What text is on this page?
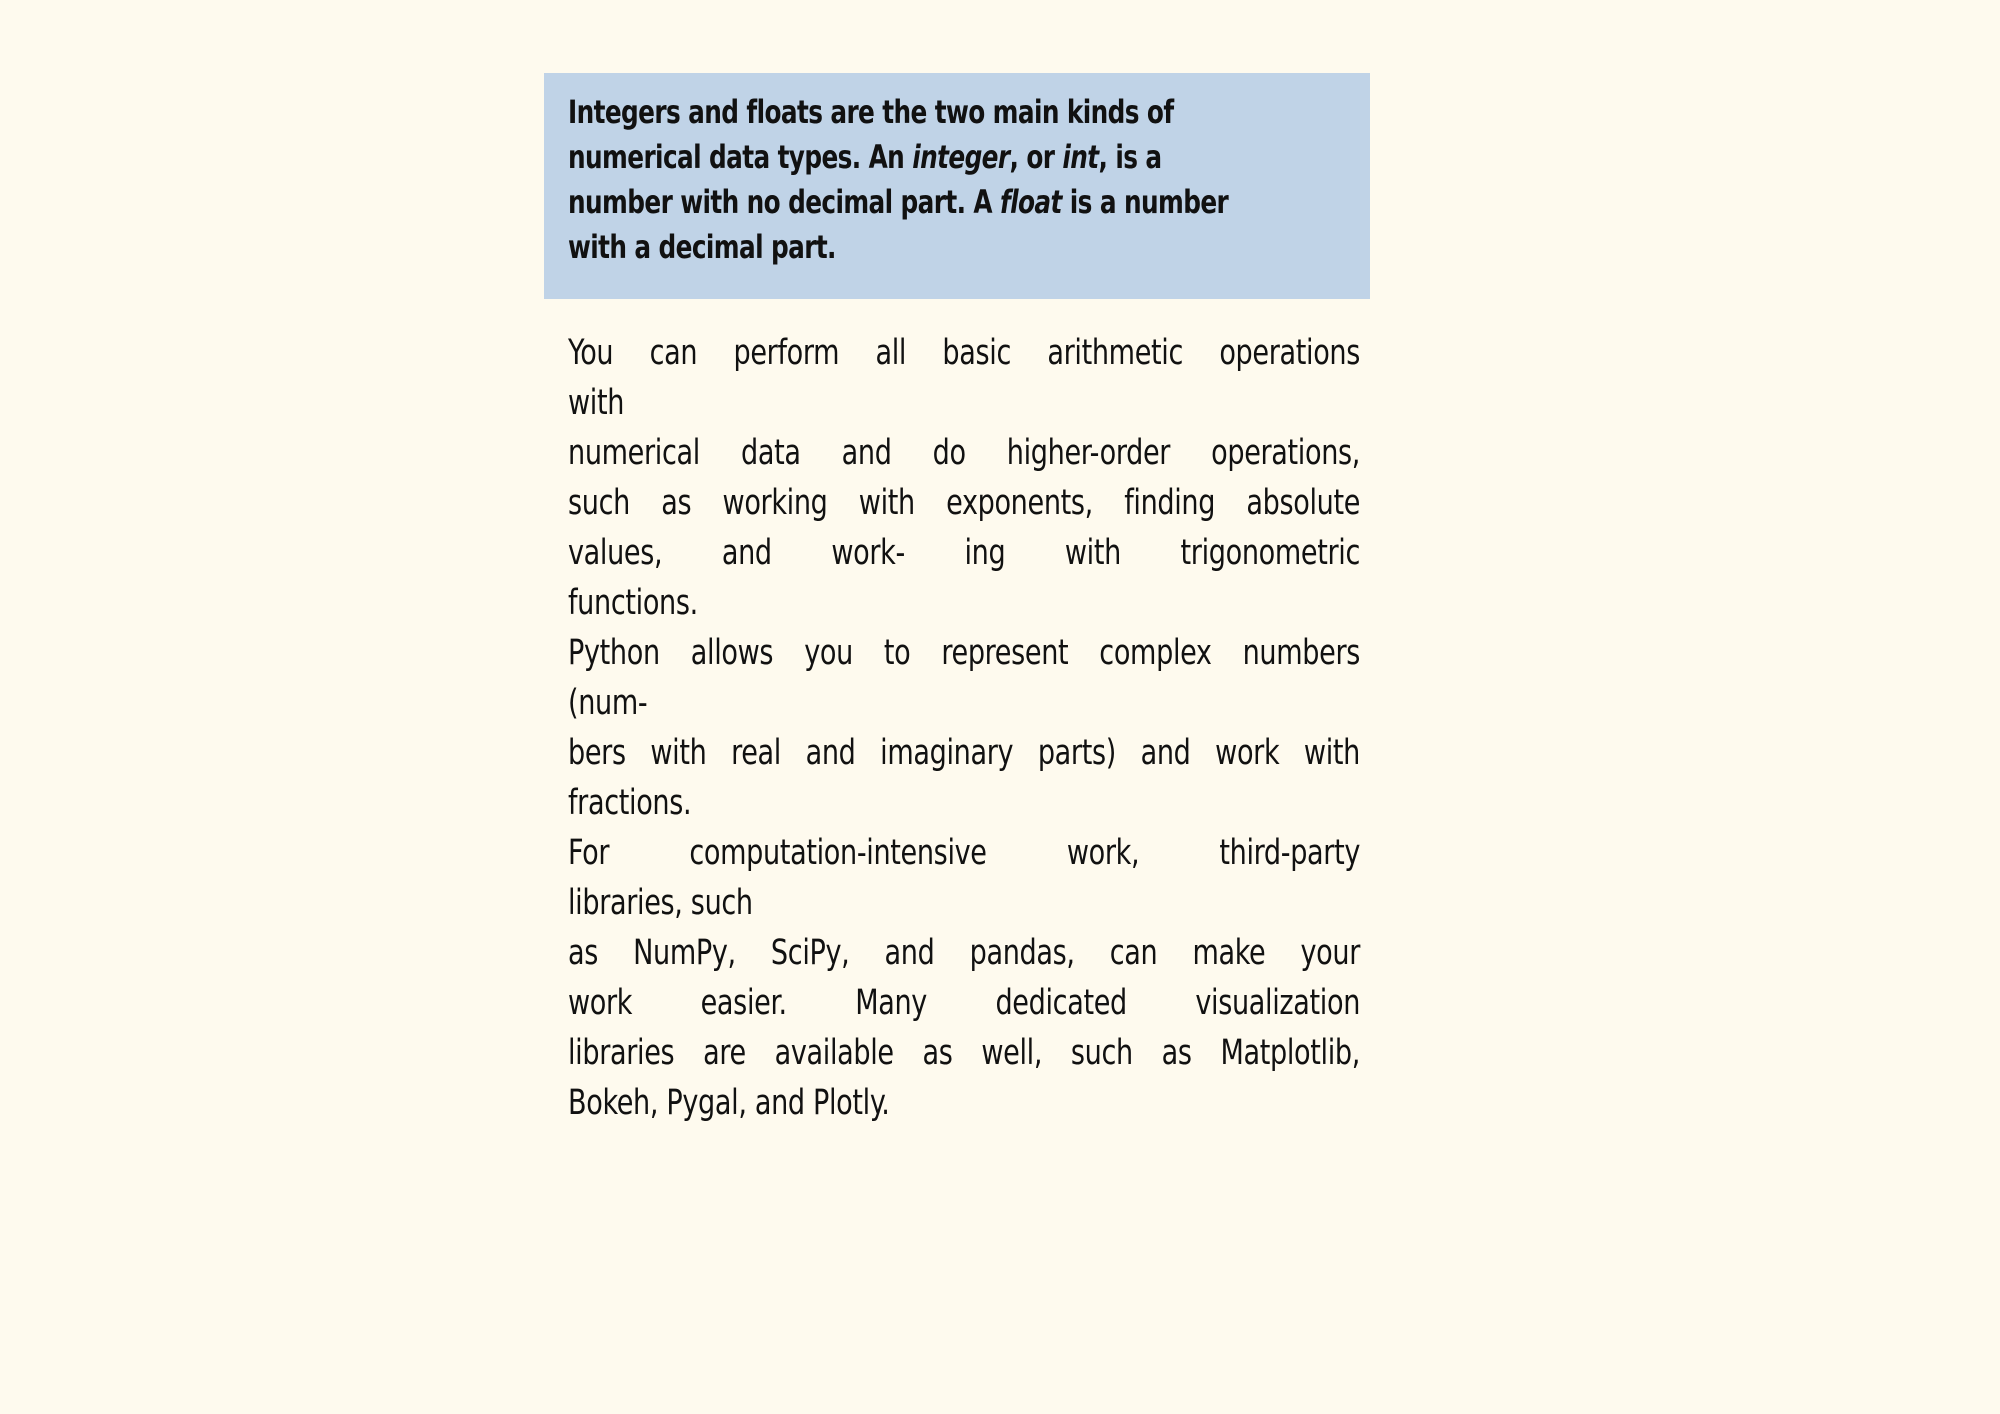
Integers and floats are the two main kinds of
numerical data types. An integer, or int, is a
number with no decimal part. A float is a number
with a decimal part.
You can perform all basic arithmetic operations
with
numerical data and do higher-order operations,
such as working with exponents, finding absolute
values, and work- ing with trigonometric
functions.
Python allows you to represent complex numbers
(num-
bers with real and imaginary parts) and work with
fractions.
For computation-intensive work, third-party
libraries, such
as NumPy, SciPy, and pandas, can make your
work easier. Many dedicated visualization
libraries are available as well, such as Matplotlib,
Bokeh, Pygal, and Plotly.
